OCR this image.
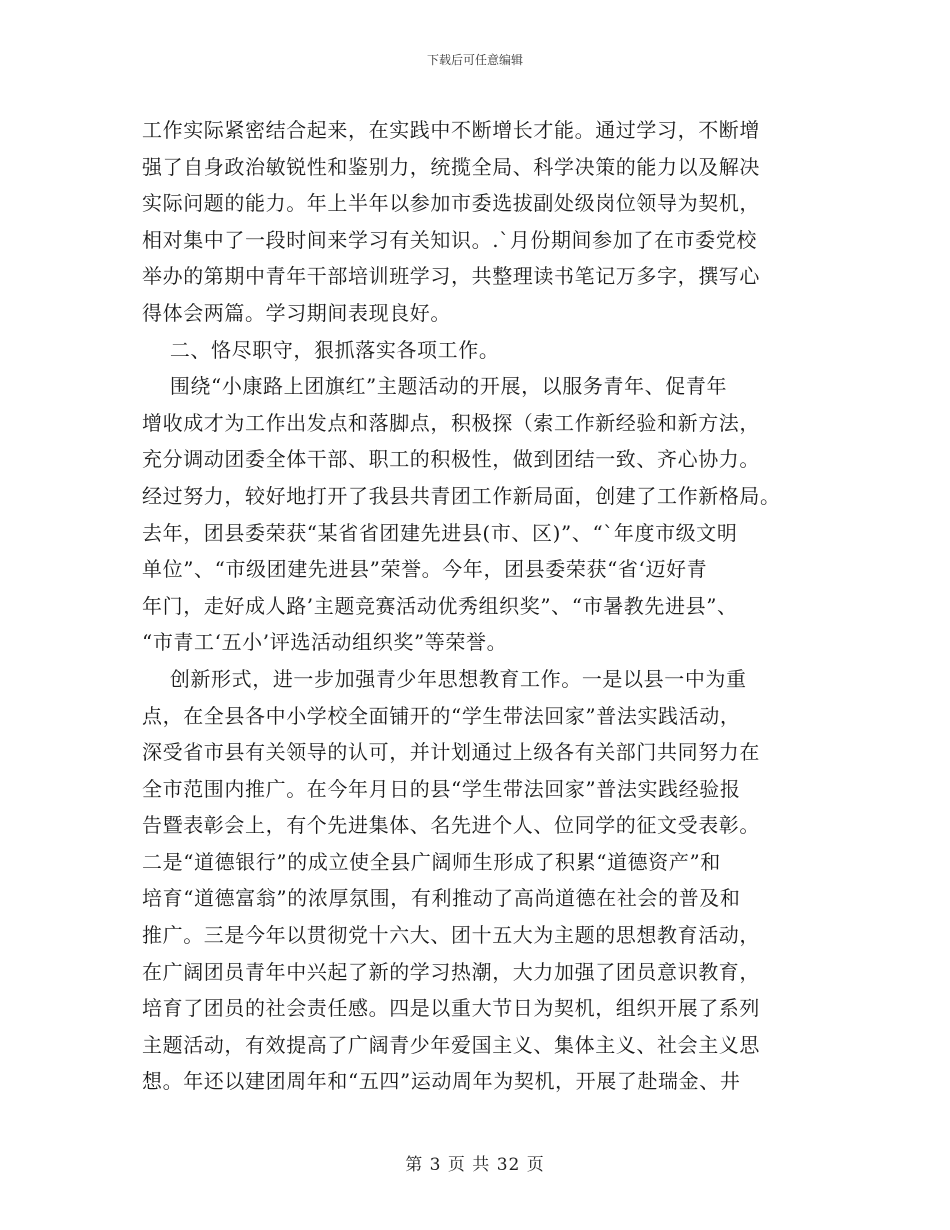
下载后可任意编辑

工作实际紧密结合起来，在实践中不断增长才能。通过学习，不断增

强了自身政治敏锐性和鉴别力，统揽全局、科学决策的能力以及解决

实际问题的能力。年上半年以参加市委选拔副处级岗位领导为契机，

相对集中了一段时间来学习有关知识。.`月份期间参加了在市委党校

举办的第期中青年干部培训班学习，共整理读书笔记万多字，撰写心

得体会两篇。学习期间表现良好。

二、恪尽职守，狠抓落实各项工作。

围绕“小康路上团旗红”主题活动的开展，以服务青年、促青年

增收成才为工作出发点和落脚点，积极探（索工作新经验和新方法，

充分调动团委全体干部、职工的积极性，做到团结一致、齐心协力。

经过努力，较好地打开了我县共青团工作新局面，创建了工作新格局。

去年，团县委荣获“某省省团建先进县(市、区)”、“`年度市级文明

单位”、“市级团建先进县”荣誉。今年，团县委荣获“省‘迈好青

年门，走好成人路’主题竞赛活动优秀组织奖”、“市暑教先进县”、

“市青工‘五小’评选活动组织奖”等荣誉。

创新形式，进一步加强青少年思想教育工作。一是以县一中为重

点，在全县各中小学校全面铺开的“学生带法回家”普法实践活动，

深受省市县有关领导的认可，并计划通过上级各有关部门共同努力在

全市范围内推广。在今年月日的县“学生带法回家”普法实践经验报

告暨表彰会上，有个先进集体、名先进个人、位同学的征文受表彰。

二是“道德银行”的成立使全县广阔师生形成了积累“道德资产”和

培育“道德富翁”的浓厚氛围，有利推动了高尚道德在社会的普及和

推广。三是今年以贯彻党十六大、团十五大为主题的思想教育活动，

在广阔团员青年中兴起了新的学习热潮，大力加强了团员意识教育，

培育了团员的社会责任感。四是以重大节日为契机，组织开展了系列

主题活动，有效提高了广阔青少年爱国主义、集体主义、社会主义思

想。年还以建团周年和“五四”运动周年为契机，开展了赴瑞金、井

第 3 页 共 32 页
